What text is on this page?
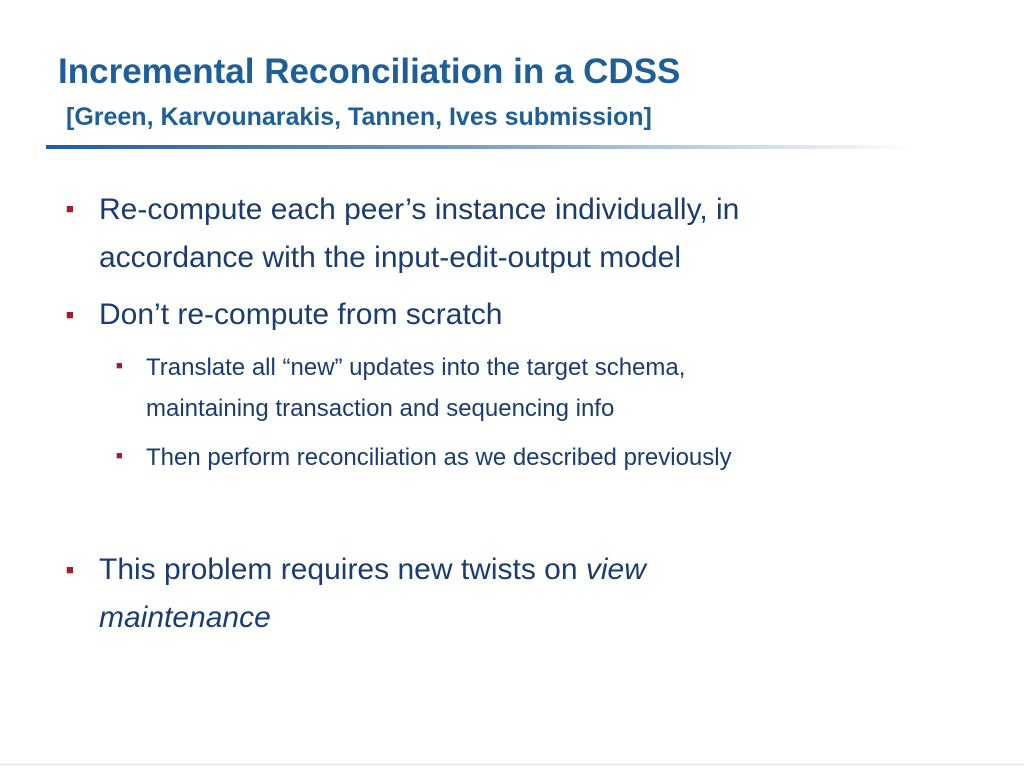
Incremental Reconciliation in a CDSS
[Green, Karvounarakis, Tannen, Ives submission]
■ Re-compute each peer’s instance individually, in
accordance with the input-edit-output model
■ Don’t re-compute from scratch
■ Translate all “new” updates into the target schema,
maintaining transaction and sequencing info
■ Then perform reconciliation as we described previously
■ This problem requires new twists on view
maintenance
